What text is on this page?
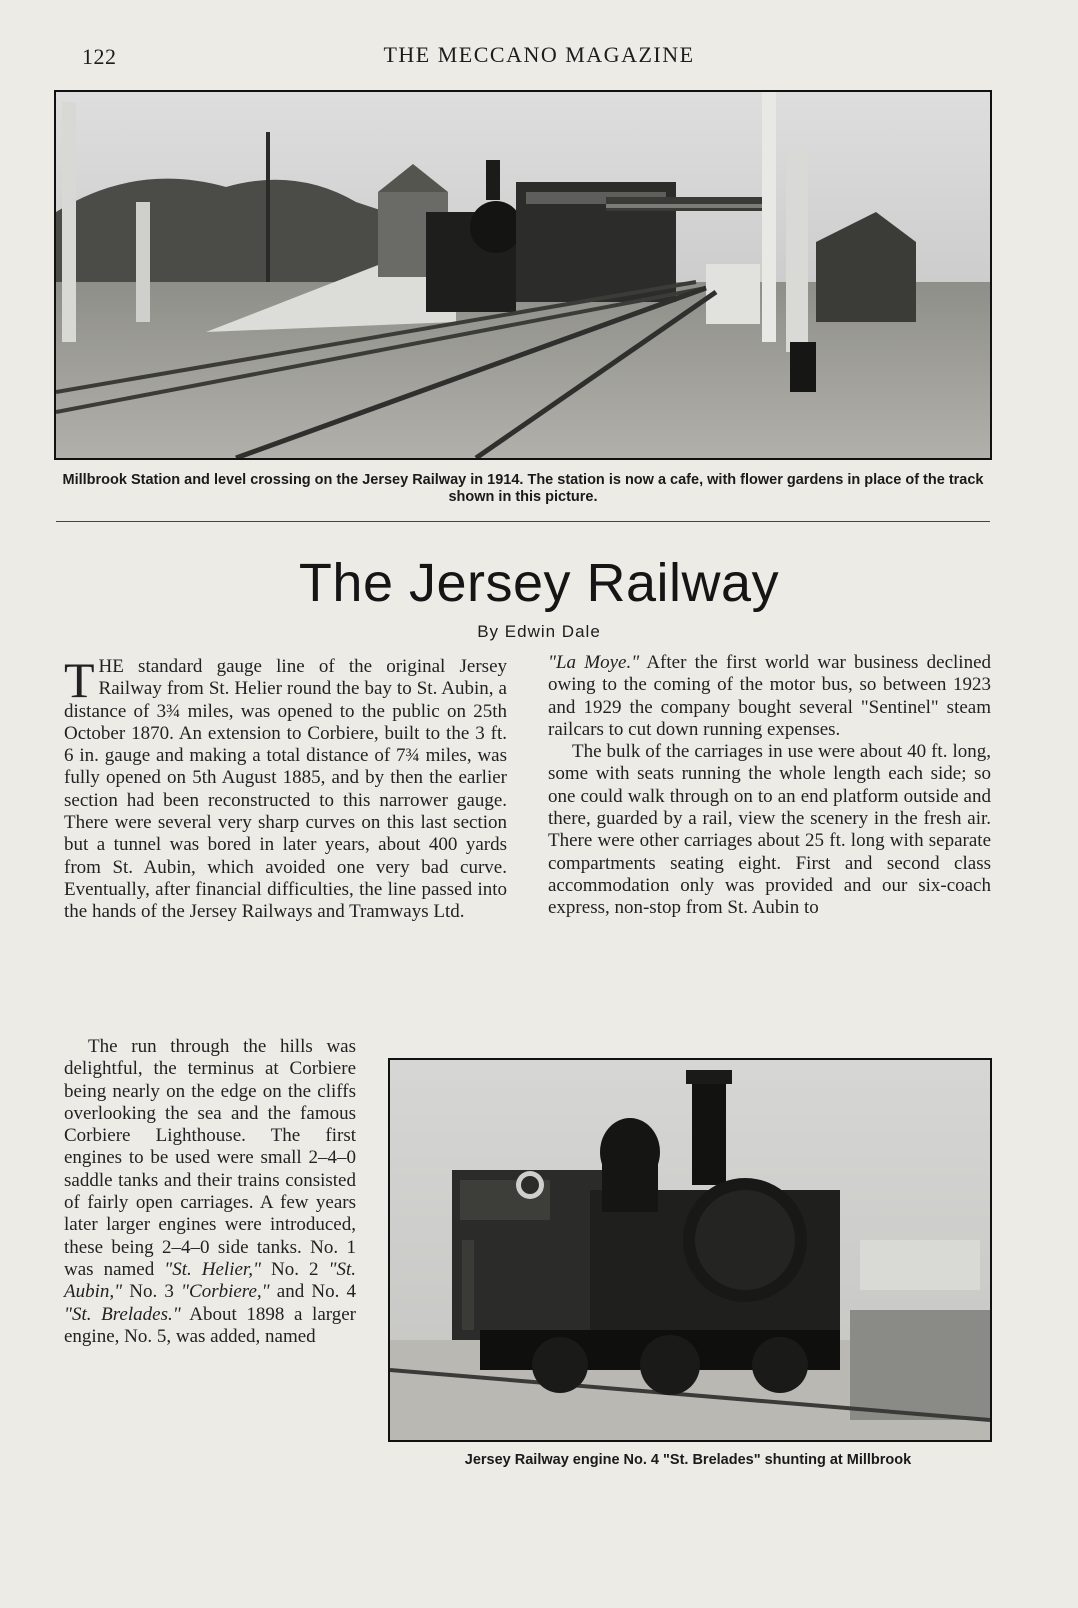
122	THE MECCANO MAGAZINE
Millbrook Station and level crossing on the Jersey Railway in 1914. The station is now a cafe, with flower gardens in place of the track shown in this picture.
The Jersey Railway
By Edwin Dale

THE standard gauge line of the original Jersey Railway from St. Helier round the bay to St. Aubin, a distance of 3¾ miles, was opened to the public on 25th October 1870. An extension to Corbiere, built to the 3 ft. 6 in. gauge and making a total distance of 7¾ miles, was fully opened on 5th August 1885, and by then the earlier section had been reconstructed to this narrower gauge. There were several very sharp curves on this last section but a tunnel was bored in later years, about 400 yards from St. Aubin, which avoided one very bad curve. Eventually, after financial difficulties, the line passed into the hands of the Jersey Railways and Tramways Ltd.

The run through the hills was delightful, the terminus at Corbiere being nearly on the edge on the cliffs overlooking the sea and the famous Corbiere Lighthouse. The first engines to be used were small 2–4–0 saddle tanks and their trains consisted of fairly open carriages. A few years later larger engines were introduced, these being 2–4–0 side tanks. No. 1 was named "St. Helier," No. 2 "St. Aubin," No. 3 "Corbiere," and No. 4 "St. Brelades." About 1898 a larger engine, No. 5, was added, named

"La Moye." After the first world war business declined owing to the coming of the motor bus, so between 1923 and 1929 the company bought several "Sentinel" steam railcars to cut down running expenses.

The bulk of the carriages in use were about 40 ft. long, some with seats running the whole length each side; so one could walk through on to an end platform outside and there, guarded by a rail, view the scenery in the fresh air. There were other carriages about 25 ft. long with separate compartments seating eight. First and second class accommodation only was provided and our six-coach express, non-stop from St. Aubin to

Jersey Railway engine No. 4 "St. Brelades" shunting at Millbrook
